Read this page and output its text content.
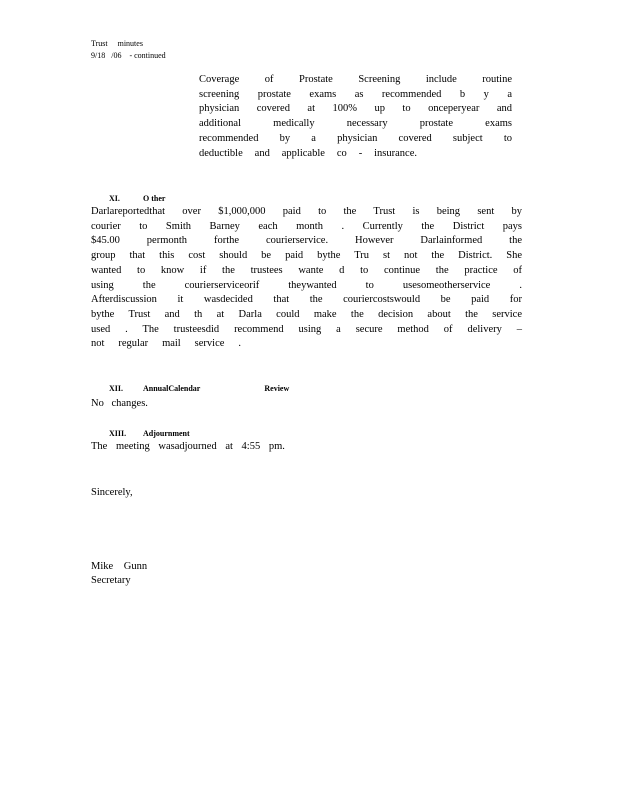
Trust     minutes
9/18   /06    - continued
Coverage of Prostate Screening include routine
screening prostate exams as recommended b y a
physician covered at 100% up to onceperyear and
additional medically necessary prostate exams
recommended by a physician covered subject to
deductible and applicable co - insurance.
XI.	O ther
Darlareportedthat over $1,000,000 paid to the Trust is being sent by
courier to Smith Barney each month . Currently the District pays
$45.00 permonth forthe courierservice. However Darlainformed the
group that this cost should be paid bythe Tru st not the District. She
wanted to know if the trustees wante d to continue the practice of
using the courierserviceorif theywanted to usesomeotherservice .
Afterdiscussion it wasdecided that the couriercostswould be paid for
bythe Trust and th at Darla could make the decision about the service
used . The trusteesdid recommend using a secure method of delivery –
not regular mail service .
XII. AnnualCalendar	Review
No changes.
XIII. Adjournment
The meeting wasadjourned at 4:55 pm.
Sincerely,
Mike Gunn
Secretary
